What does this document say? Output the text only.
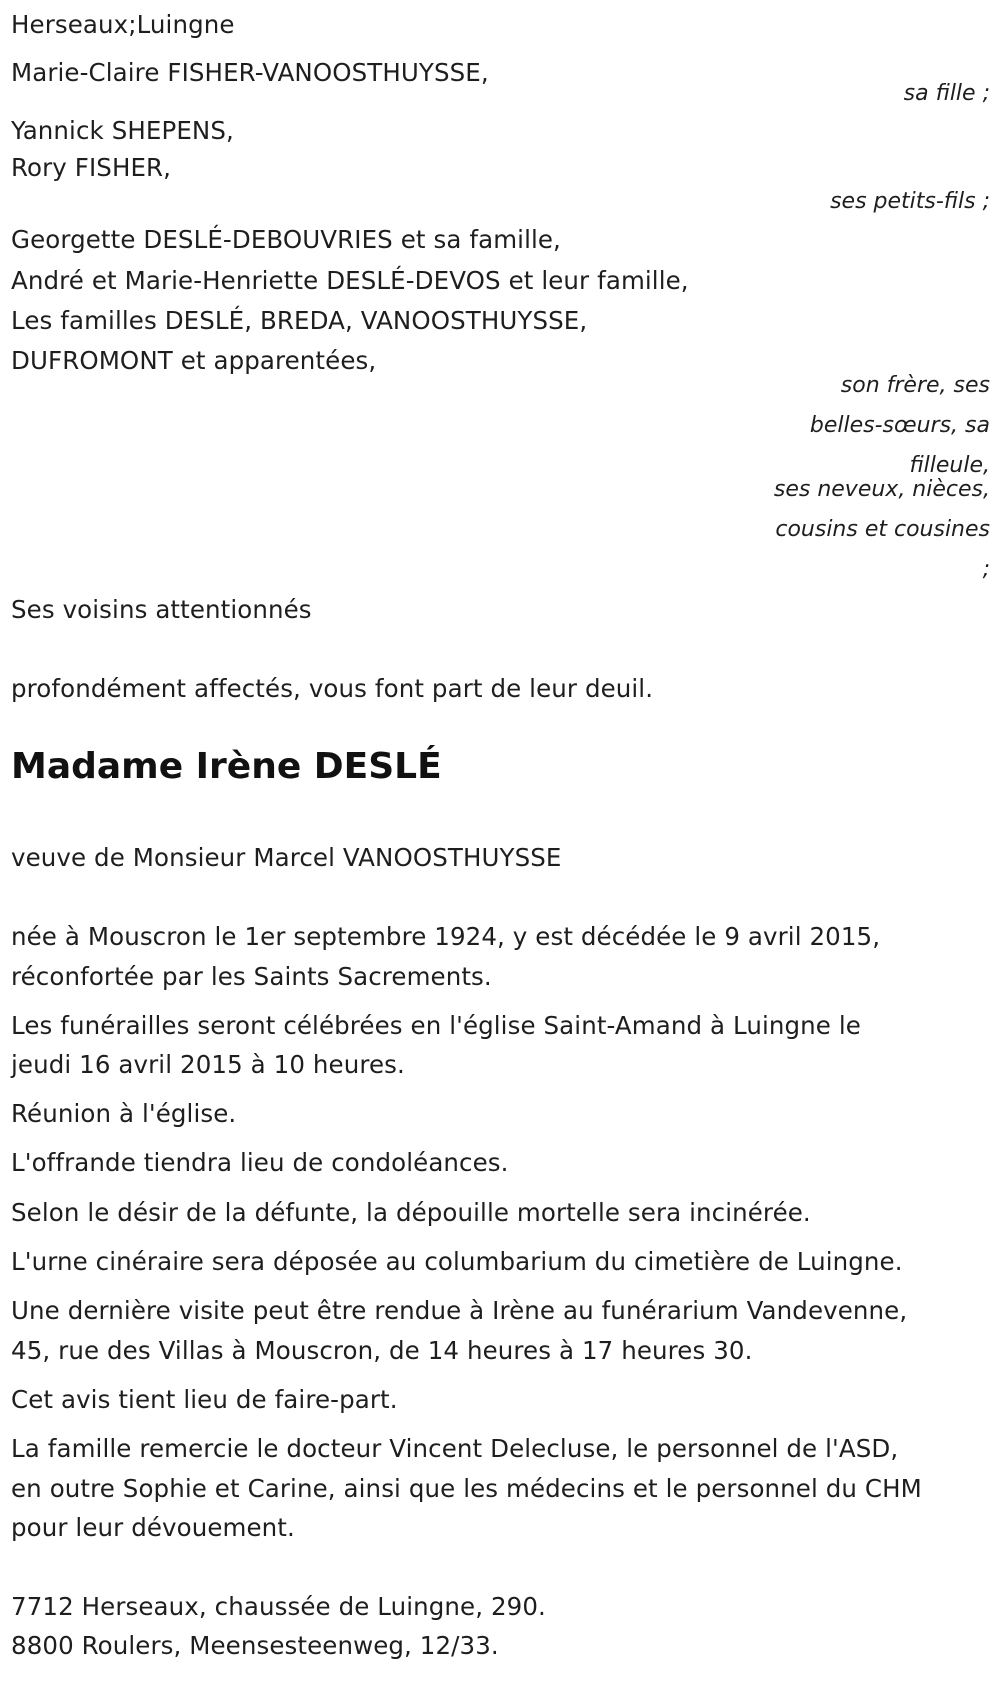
Herseaux;Luingne
Marie-Claire FISHER-VANOOSTHUYSSE,
sa fille ;
Yannick SHEPENS,
Rory FISHER,
ses petits-fils ;
Georgette DESLÉ-DEBOUVRIES et sa famille,
André et Marie-Henriette DESLÉ-DEVOS et leur famille,
Les familles DESLÉ, BREDA, VANOOSTHUYSSE,
DUFROMONT et apparentées,
son frère, ses
belles-sœurs, sa
filleule,
ses neveux, nièces,
cousins et cousines
;
Ses voisins attentionnés
profondément affectés, vous font part de leur deuil.
Madame Irène DESLÉ
veuve de Monsieur Marcel VANOOSTHUYSSE
née à Mouscron le 1er septembre 1924, y est décédée le 9 avril 2015,
réconfortée par les Saints Sacrements.
Les funérailles seront célébrées en l'église Saint-Amand à Luingne le
jeudi 16 avril 2015 à 10 heures.
Réunion à l'église.
L'offrande tiendra lieu de condoléances.
Selon le désir de la défunte, la dépouille mortelle sera incinérée.
L'urne cinéraire sera déposée au columbarium du cimetière de Luingne.
Une dernière visite peut être rendue à Irène au funérarium Vandevenne,
45, rue des Villas à Mouscron, de 14 heures à 17 heures 30.
Cet avis tient lieu de faire-part.
La famille remercie le docteur Vincent Delecluse, le personnel de l'ASD,
en outre Sophie et Carine, ainsi que les médecins et le personnel du CHM
pour leur dévouement.
7712 Herseaux, chaussée de Luingne, 290.
8800 Roulers, Meensesteenweg, 12/33.
